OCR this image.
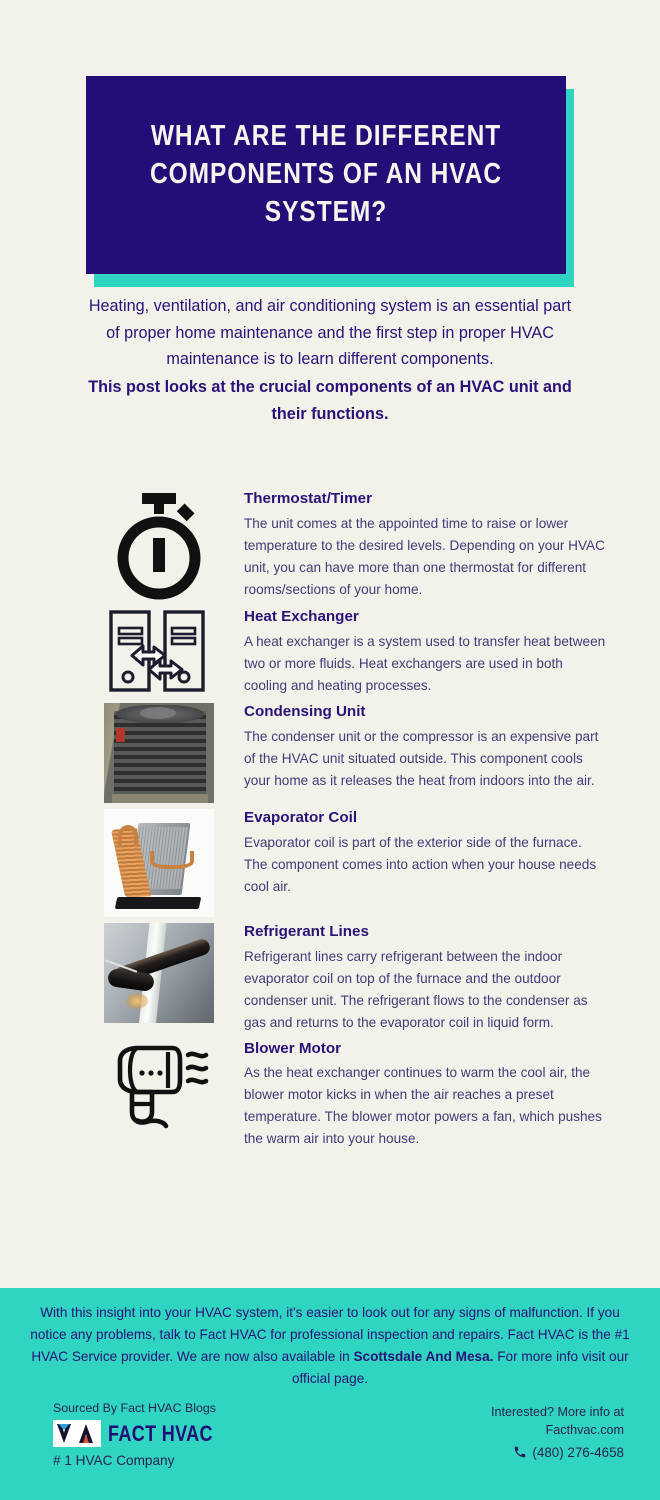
WHAT ARE THE DIFFERENT COMPONENTS OF AN HVAC SYSTEM?

Heating, ventilation, and air conditioning system is an essential part of proper home maintenance and the first step in proper HVAC maintenance is to learn different components.

This post looks at the crucial components of an HVAC unit and their functions.

Thermostat/Timer
The unit comes at the appointed time to raise or lower temperature to the desired levels. Depending on your HVAC unit, you can have more than one thermostat for different rooms/sections of your home.
Heat Exchanger
A heat exchanger is a system used to transfer heat between two or more fluids. Heat exchangers are used in both cooling and heating processes.
Condensing Unit
The condenser unit or the compressor is an expensive part of the HVAC unit situated outside. This component cools your home as it releases the heat from indoors into the air.
Evaporator Coil
Evaporator coil is part of the exterior side of the furnace. The component comes into action when your house needs cool air.
Refrigerant Lines
Refrigerant lines carry refrigerant between the indoor evaporator coil on top of the furnace and the outdoor condenser unit. The refrigerant flows to the condenser as gas and returns to the evaporator coil in liquid form.
Blower Motor
As the heat exchanger continues to warm the cool air, the blower motor kicks in when the air reaches a preset temperature. The blower motor powers a fan, which pushes the warm air into your house.
With this insight into your HVAC system, it's easier to look out for any signs of malfunction. If you notice any problems, talk to Fact HVAC for professional inspection and repairs. Fact HVAC is the #1 HVAC Service provider. We are now also available in Scottsdale And Mesa. For more info visit our official page.
Sourced By Fact HVAC Blogs
FACT HVAC
# 1 HVAC Company
Interested? More info at
Facthvac.com
(480) 276-4658
